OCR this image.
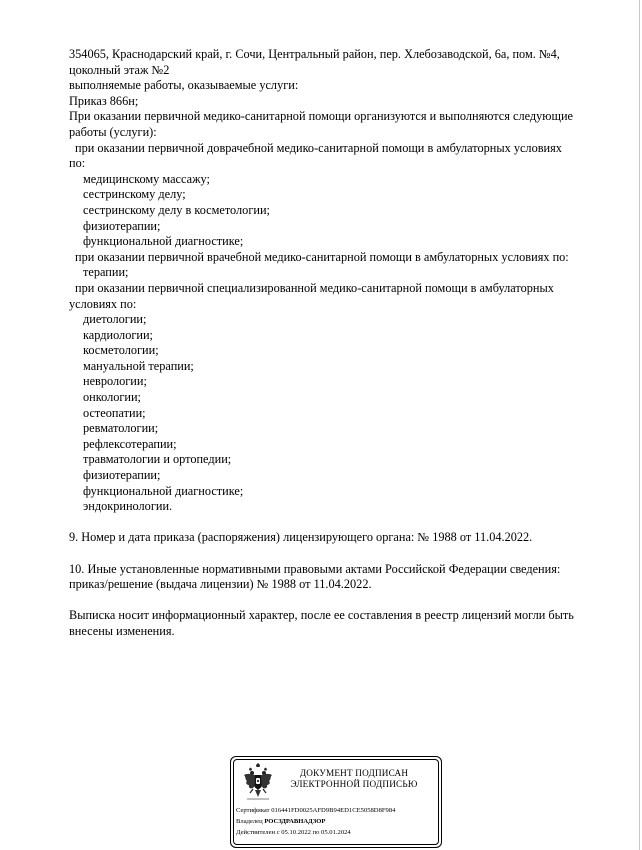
354065, Краснодарский край, г. Сочи, Центральный район, пер. Хлебозаводской, 6а, пом. №4,
цоколный этаж №2
выполняемые работы, оказываемые услуги:
Приказ 866н;
При оказании первичной медико-санитарной помощи организуются и выполняются следующие
работы (услуги):
при оказании первичной доврачебной медико-санитарной помощи в амбулаторных условиях
по:
медицинскому массажу;
сестринскому делу;
сестринскому делу в косметологии;
физиотерапии;
функциональной диагностике;
при оказании первичной врачебной медико-санитарной помощи в амбулаторных условиях по:
терапии;
при оказании первичной специализированной медико-санитарной помощи в амбулаторных
условиях по:
диетологии;
кардиологии;
косметологии;
мануальной терапии;
неврологии;
онкологии;
остеопатии;
ревматологии;
рефлексотерапии;
травматологии и ортопедии;
физиотерапии;
функциональной диагностике;
эндокринологии.
9. Номер и дата приказа (распоряжения) лицензирующего органа: № 1988 от 11.04.2022.
10. Иные установленные нормативными правовыми актами Российской Федерации сведения:
приказ/решение (выдача лицензии) № 1988 от 11.04.2022.
Выписка носит информационный характер, после ее составления в реестр лицензий могли быть
внесены изменения.
ДОКУМЕНТ ПОДПИСАН
ЭЛЕКТРОННОЙ ПОДПИСЬЮ
Сертификат 016441FD0025AFD9B94ED1CE5058D8F984
Владелец РОСЗДРАВНАДЗОР
Действителен с 05.10.2022 по 05.01.2024
